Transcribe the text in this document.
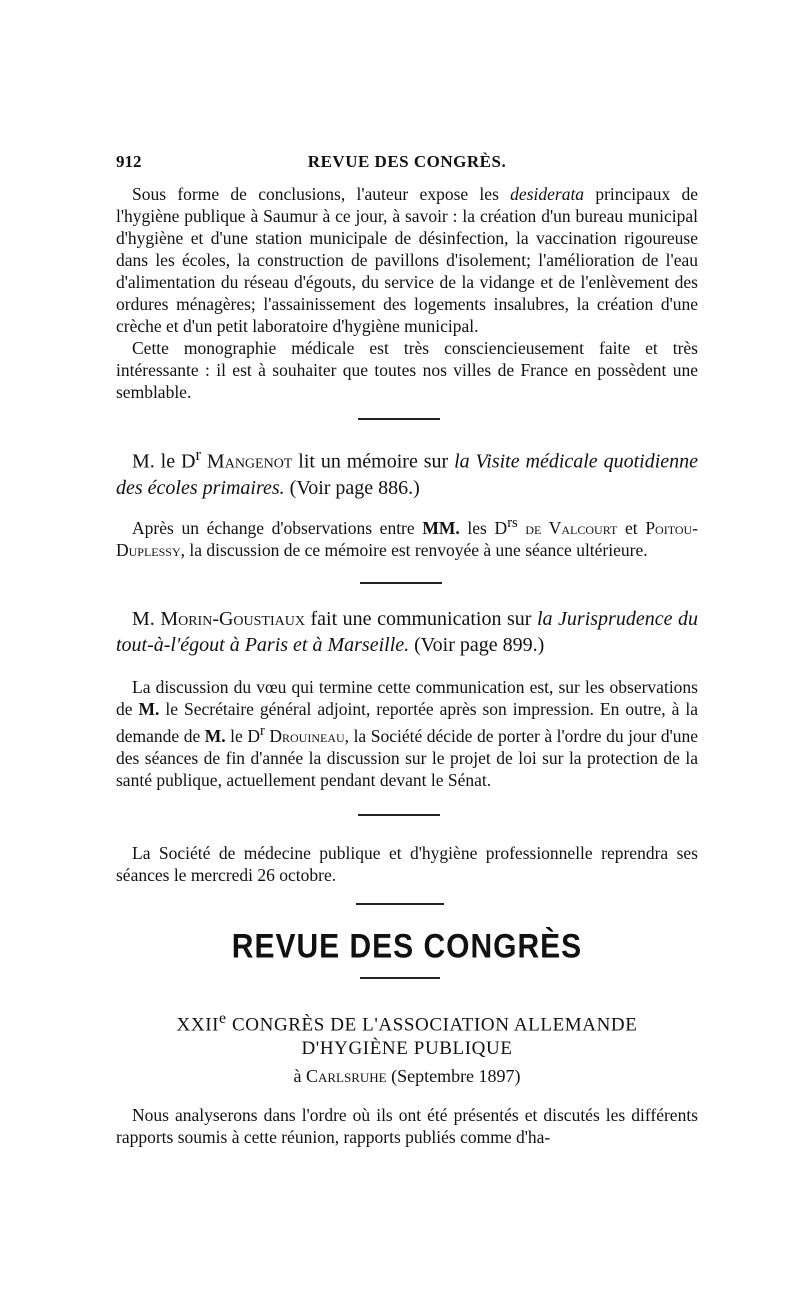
912	REVUE DES CONGRÈS.

Sous forme de conclusions, l'auteur expose les desiderata principaux de l'hygiène publique à Saumur à ce jour, à savoir : la création d'un bureau municipal d'hygiène et d'une station municipale de désinfection, la vaccination rigoureuse dans les écoles, la construction de pavillons d'isolement; l'amélioration de l'eau d'alimentation du réseau d'égouts, du service de la vidange et de l'enlèvement des ordures ménagères; l'assainissement des logements insalubres, la création d'une crèche et d'un petit laboratoire d'hygiène municipal.

Cette monographie médicale est très consciencieusement faite et très intéressante : il est à souhaiter que toutes nos villes de France en possèdent une semblable.

M. le $D^r$ Mangenot lit un mémoire sur la Visite médicale quotidienne des écoles primaires. (Voir page 886.)

Après un échange d'observations entre MM. les $D^{rs}$ de Valcourt et Poitou-Duplessy, la discussion de ce mémoire est renvoyée à une séance ultérieure.

M. Morin-Goustiaux fait une communication sur la Jurisprudence du tout-à-l'égout à Paris et à Marseille. (Voir page 899.)

La discussion du vœu qui termine cette communication est, sur les observations de M. le Secrétaire général adjoint, reportée après son impression. En outre, à la demande de M. le $D^r$ Drouineau, la Société décide de porter à l'ordre du jour d'une des séances de fin d'année la discussion sur le projet de loi sur la protection de la santé publique, actuellement pendant devant le Sénat.

La Société de médecine publique et d'hygiène professionnelle reprendra ses séances le mercredi 26 octobre.

REVUE DES CONGRÈS
XXIIe CONGRÈS DE L'ASSOCIATION ALLEMANDE
D'HYGIÈNE PUBLIQUE
à Carlsruhe (Septembre 1897)

Nous analyserons dans l'ordre où ils ont été présentés et discutés les différents rapports soumis à cette réunion, rapports publiés comme d'ha-
